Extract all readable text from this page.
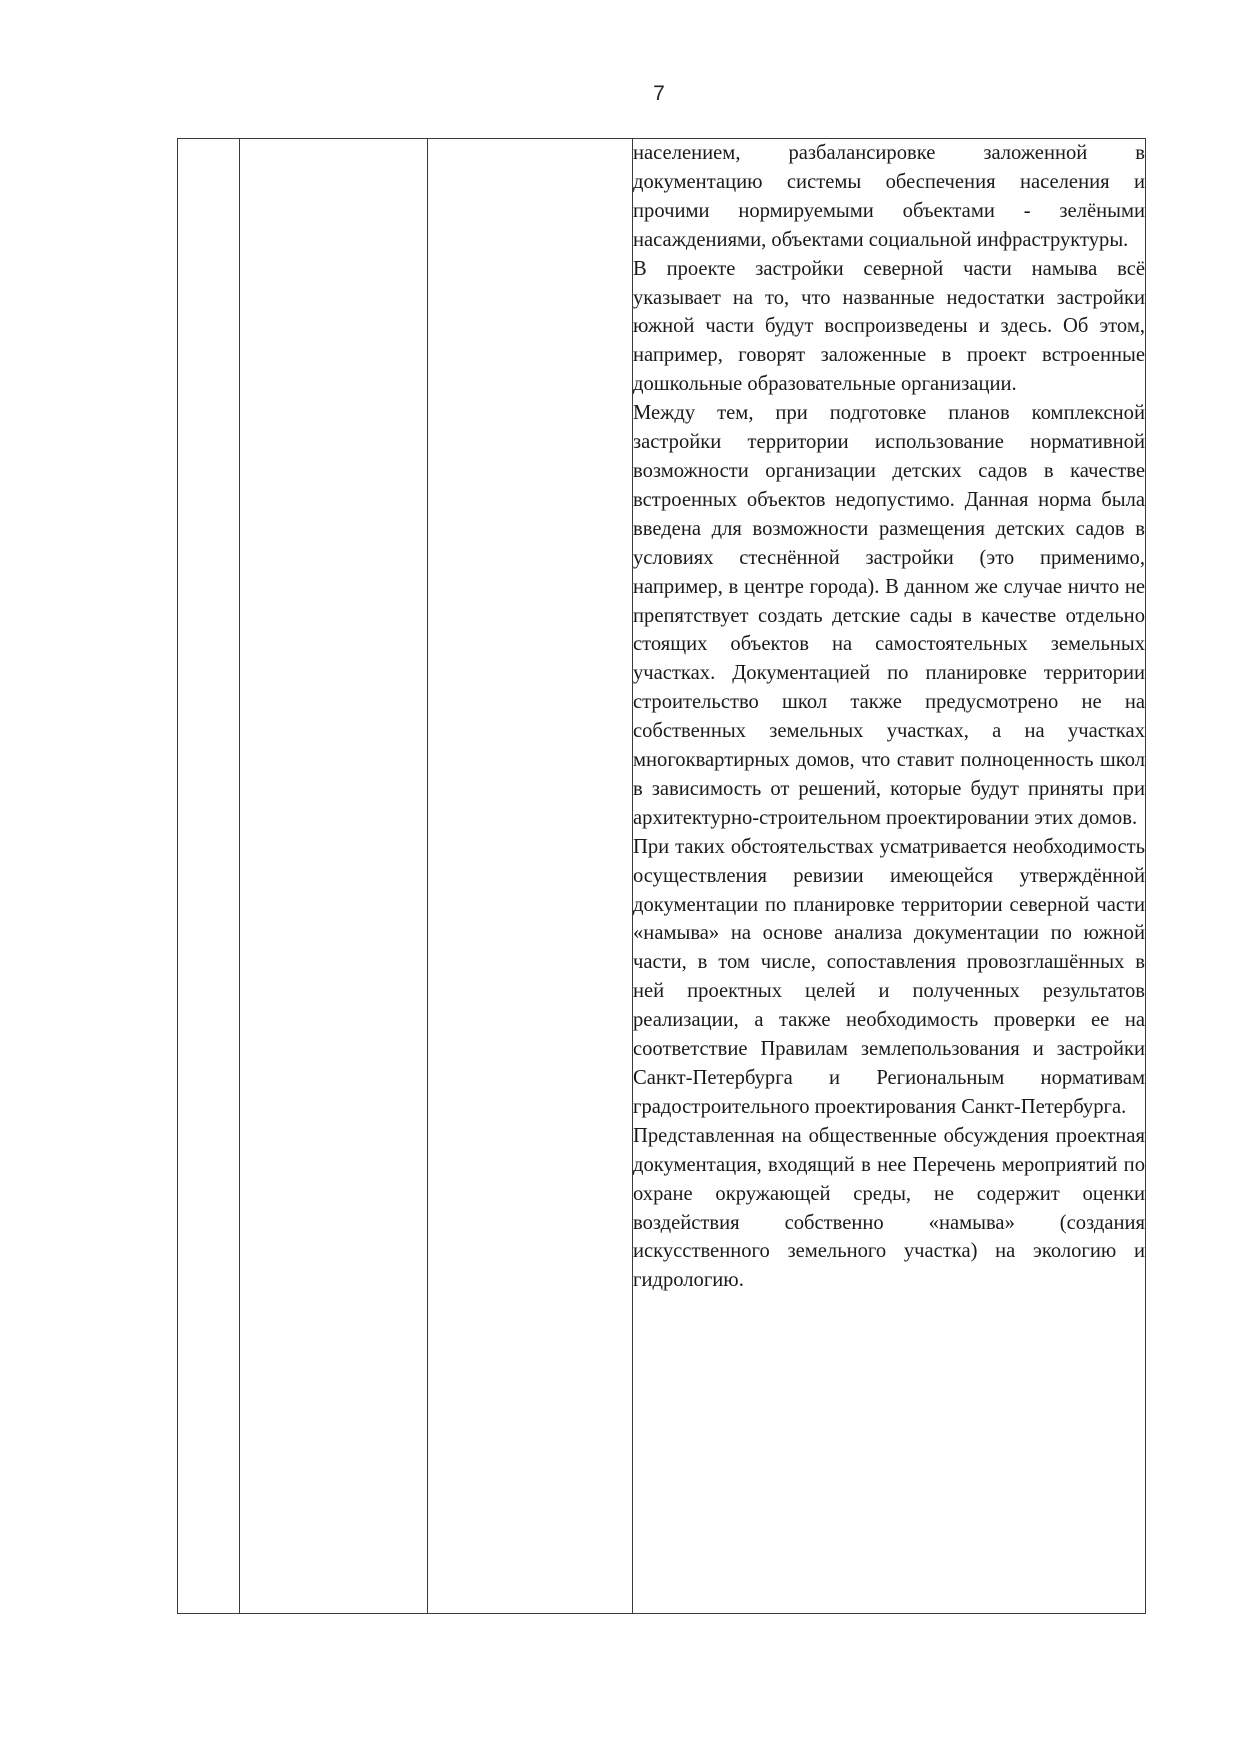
7

населением, разбалансировке заложенной в документацию системы обеспечения населения и прочими нормируемыми объектами - зелёными насаждениями, объектами социальной инфраструктуры.

В проекте застройки северной части намыва всё указывает на то, что названные недостатки застройки южной части будут воспроизведены и здесь. Об этом, например, говорят заложенные в проект встроенные дошкольные образовательные организации.

Между тем, при подготовке планов комплексной застройки территории использование нормативной возможности организации детских садов в качестве встроенных объектов недопустимо. Данная норма была введена для возможности размещения детских садов в условиях стеснённой застройки (это применимо, например, в центре города). В данном же случае ничто не препятствует создать детские сады в качестве отдельно стоящих объектов на самостоятельных земельных участках. Документацией по планировке территории строительство школ также предусмотрено не на собственных земельных участках, а на участках многоквартирных домов, что ставит полноценность школ в зависимость от решений, которые будут приняты при архитектурно-строительном проектировании этих домов.

При таких обстоятельствах усматривается необходимость осуществления ревизии имеющейся утверждённой документации по планировке территории северной части «намыва» на основе анализа документации по южной части, в том числе, сопоставления провозглашённых в ней проектных целей и полученных результатов реализации, а также необходимость проверки ее на соответствие Правилам землепользования и застройки Санкт-Петербурга и Региональным нормативам градостроительного проектирования Санкт-Петербурга.

Представленная на общественные обсуждения проектная документация, входящий в нее Перечень мероприятий по охране окружающей среды, не содержит оценки воздействия собственно «намыва» (создания искусственного земельного участка) на экологию и гидрологию.
